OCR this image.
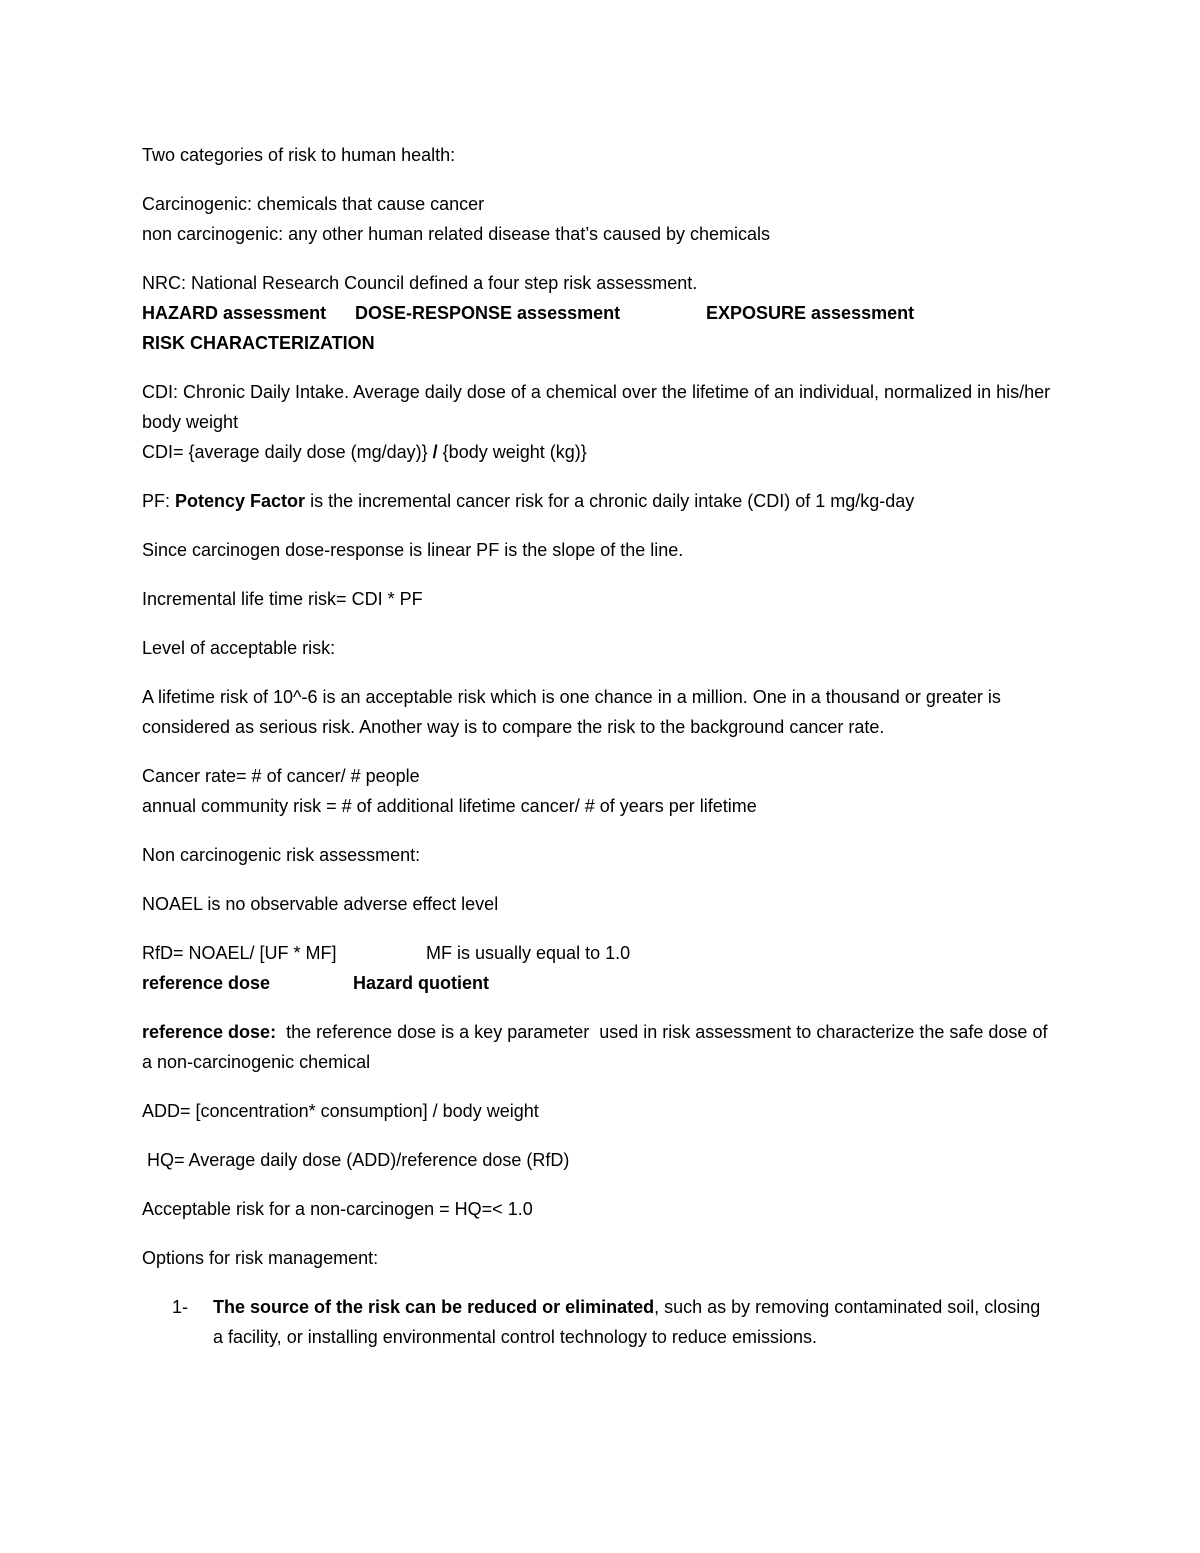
Two categories of risk to human health:

Carcinogenic: chemicals that cause cancer
non carcinogenic: any other human related disease that’s caused by chemicals

NRC: National Research Council defined a four step risk assessment.
HAZARD assessment DOSE-RESPONSE assessment	EXPOSURE assessment
RISK CHARACTERIZATION

CDI: Chronic Daily Intake. Average daily dose of a chemical over the lifetime of an individual, normalized in his/her body weight
CDI= {average daily dose (mg/day)} / {body weight (kg)}

PF: Potency Factor is the incremental cancer risk for a chronic daily intake (CDI) of 1 mg/kg-day

Since carcinogen dose-response is linear PF is the slope of the line.

Incremental life time risk= CDI * PF

Level of acceptable risk:

A lifetime risk of 10^-6 is an acceptable risk which is one chance in a million. One in a thousand or greater is considered as serious risk. Another way is to compare the risk to the background cancer rate.

Cancer rate= # of cancer/ # people
annual community risk = # of additional lifetime cancer/ # of years per lifetime

Non carcinogenic risk assessment:

NOAEL is no observable adverse effect level

RfD= NOAEL/ [UF * MF]	MF is usually equal to 1.0
reference dose	Hazard quotient

reference dose:  the reference dose is a key parameter  used in risk assessment to characterize the safe dose of a non-carcinogenic chemical

ADD= [concentration* consumption] / body weight

HQ= Average daily dose (ADD)/reference dose (RfD)

Acceptable risk for a non-carcinogen = HQ=< 1.0

Options for risk management:

1- The source of the risk can be reduced or eliminated, such as by removing contaminated soil, closing a facility, or installing environmental control technology to reduce emissions.
